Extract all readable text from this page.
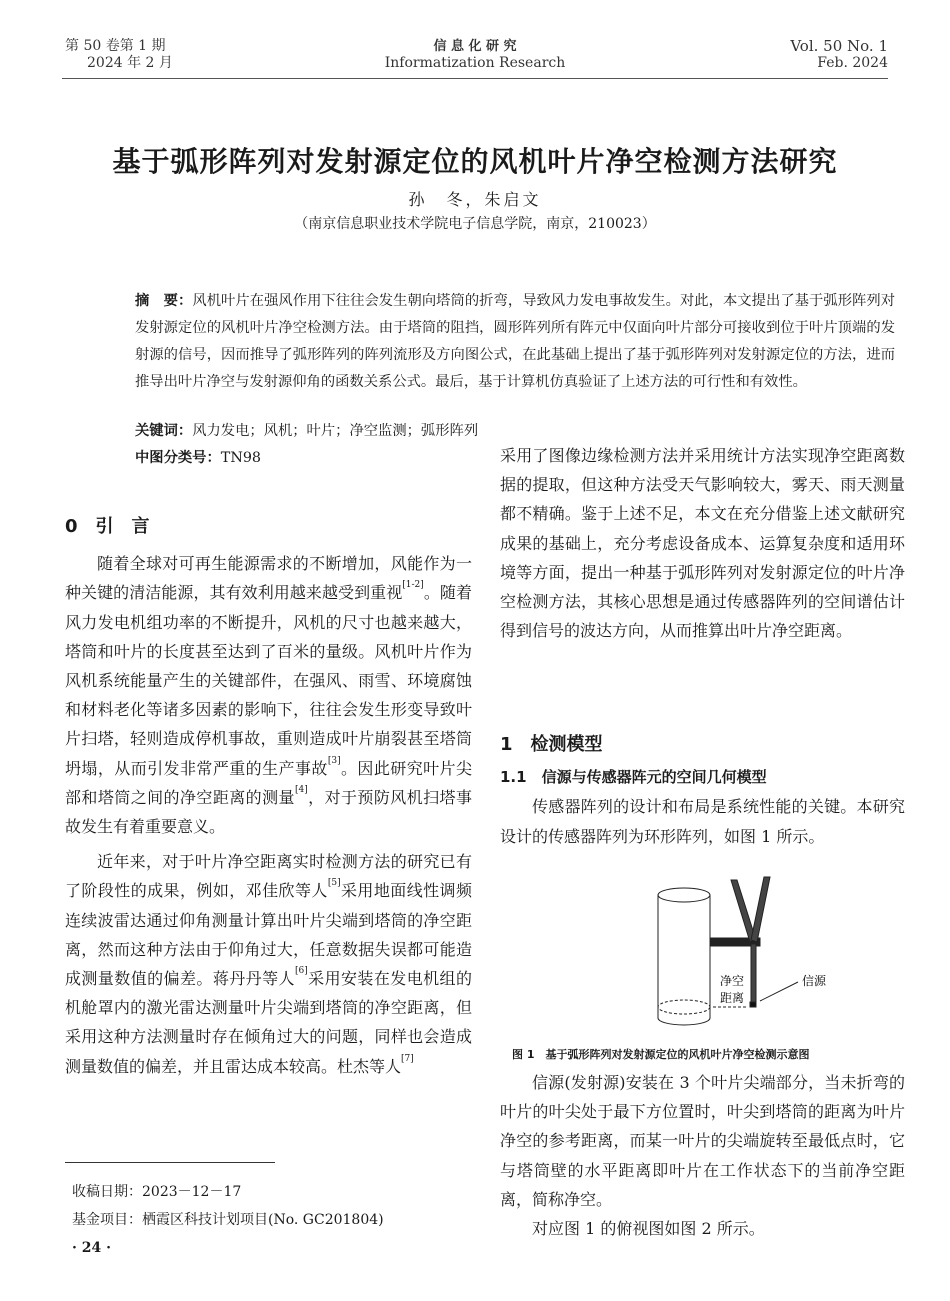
第 50 卷第 1 期
2024 年 2 月
信 息 化 研 究
Informatization Research
Vol. 50 No. 1
Feb. 2024
基于弧形阵列对发射源定位的风机叶片净空检测方法研究
孙　冬，朱启文
（南京信息职业技术学院电子信息学院，南京，210023）
摘　要：风机叶片在强风作用下往往会发生朝向塔筒的折弯，导致风力发电事故发生。对此，本文提出了基于弧形阵列对发射源定位的风机叶片净空检测方法。由于塔筒的阻挡，圆形阵列所有阵元中仅面向叶片部分可接收到位于叶片顶端的发射源的信号，因而推导了弧形阵列的阵列流形及方向图公式，在此基础上提出了基于弧形阵列对发射源定位的方法，进而推导出叶片净空与发射源仰角的函数关系公式。最后，基于计算机仿真验证了上述方法的可行性和有效性。
关键词：风力发电；风机；叶片；净空监测；弧形阵列
中图分类号：TN98
0　引　言

随着全球对可再生能源需求的不断增加，风能作为一种关键的清洁能源，其有效利用越来越受到重视[1-2]。随着风力发电机组功率的不断提升，风机的尺寸也越来越大，塔筒和叶片的长度甚至达到了百米的量级。风机叶片作为风机系统能量产生的关键部件，在强风、雨雪、环境腐蚀和材料老化等诸多因素的影响下，往往会发生形变导致叶片扫塔，轻则造成停机事故，重则造成叶片崩裂甚至塔筒坍塌，从而引发非常严重的生产事故[3]。因此研究叶片尖部和塔筒之间的净空距离的测量[4]，对于预防风机扫塔事故发生有着重要意义。

近年来，对于叶片净空距离实时检测方法的研究已有了阶段性的成果，例如，邓佳欣等人[5]采用地面线性调频连续波雷达通过仰角测量计算出叶片尖端到塔筒的净空距离，然而这种方法由于仰角过大，任意数据失误都可能造成测量数值的偏差。蒋丹丹等人[6]采用安装在发电机组的机舱罩内的激光雷达测量叶片尖端到塔筒的净空距离，但采用这种方法测量时存在倾角过大的问题，同样也会造成测量数值的偏差，并且雷达成本较高。杜杰等人[7]

收稿日期：2023－12－17
基金项目：栖霞区科技计划项目(No. GC201804)
· 24 ·

采用了图像边缘检测方法并采用统计方法实现净空距离数据的提取，但这种方法受天气影响较大，雾天、雨天测量都不精确。鉴于上述不足，本文在充分借鉴上述文献研究成果的基础上，充分考虑设备成本、运算复杂度和适用环境等方面，提出一种基于弧形阵列对发射源定位的叶片净空检测方法，其核心思想是通过传感器阵列的空间谱估计得到信号的波达方向，从而推算出叶片净空距离。

1　检测模型
1.1　信源与传感器阵元的空间几何模型

传感器阵列的设计和布局是系统性能的关键。本研究设计的传感器阵列为环形阵列，如图 1 所示。

净空
距离
信源
图 1　基于弧形阵列对发射源定位的风机叶片净空检测示意图

信源(发射源)安装在 3 个叶片尖端部分，当未折弯的叶片的叶尖处于最下方位置时，叶尖到塔筒的距离为叶片净空的参考距离，而某一叶片的尖端旋转至最低点时，它与塔筒壁的水平距离即叶片在工作状态下的当前净空距离，简称净空。

对应图 1 的俯视图如图 2 所示。
